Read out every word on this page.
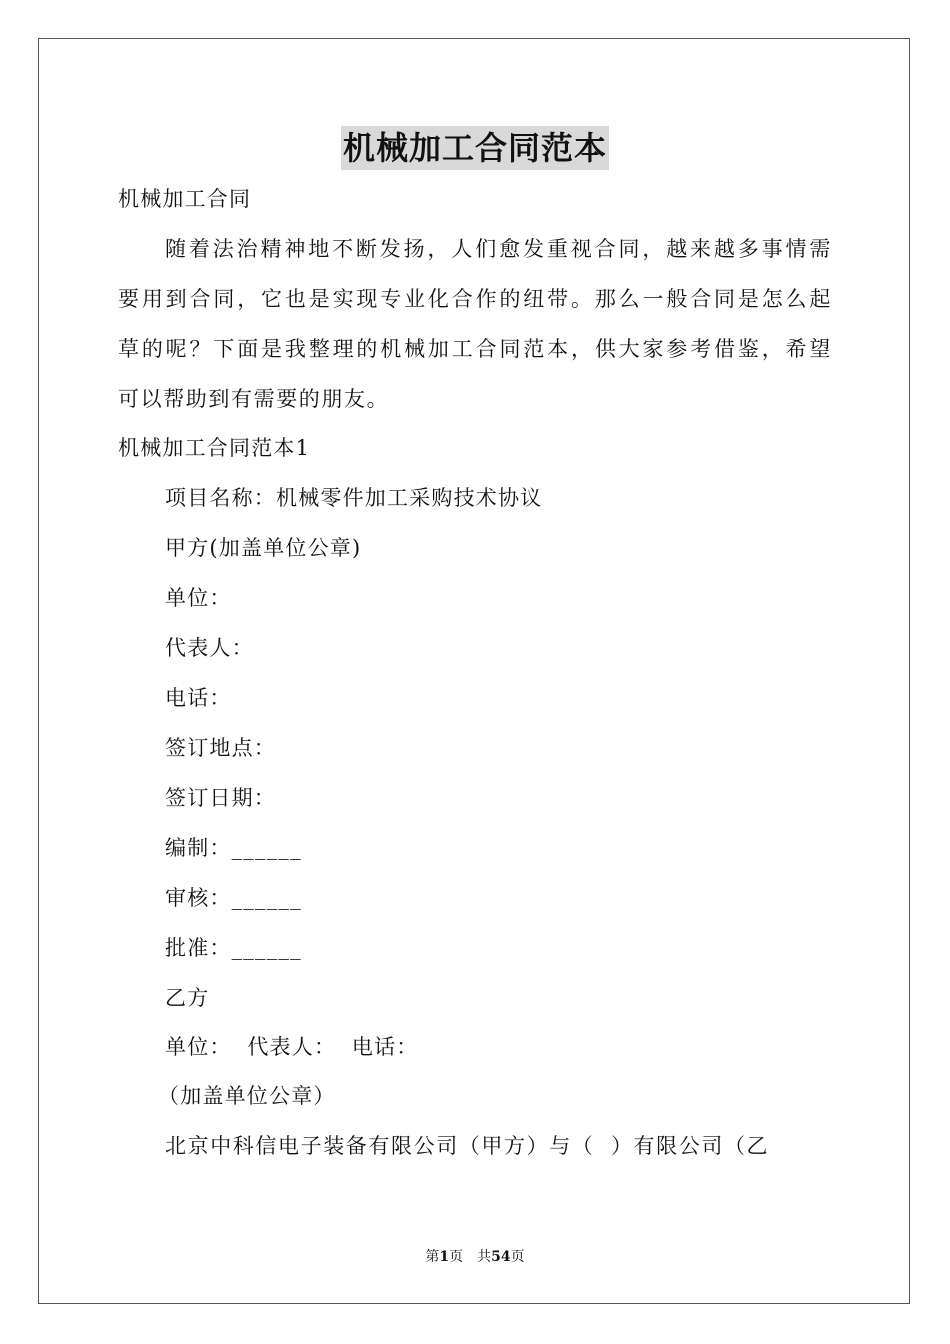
机械加工合同范本
机械加工合同
随着法治精神地不断发扬，人们愈发重视合同，越来越多事情需
要用到合同，它也是实现专业化合作的纽带。那么一般合同是怎么起
草的呢？下面是我整理的机械加工合同范本，供大家参考借鉴，希望
可以帮助到有需要的朋友。
机械加工合同范本1
项目名称：机械零件加工采购技术协议
甲方(加盖单位公章)
单位：
代表人：
电话：
签订地点：
签订日期：
编制：______
审核：______
批准：______
乙方
单位：  代表人：  电话：
（加盖单位公章）
北京中科信电子装备有限公司（甲方）与（  ）有限公司（乙
第1页 共54页
